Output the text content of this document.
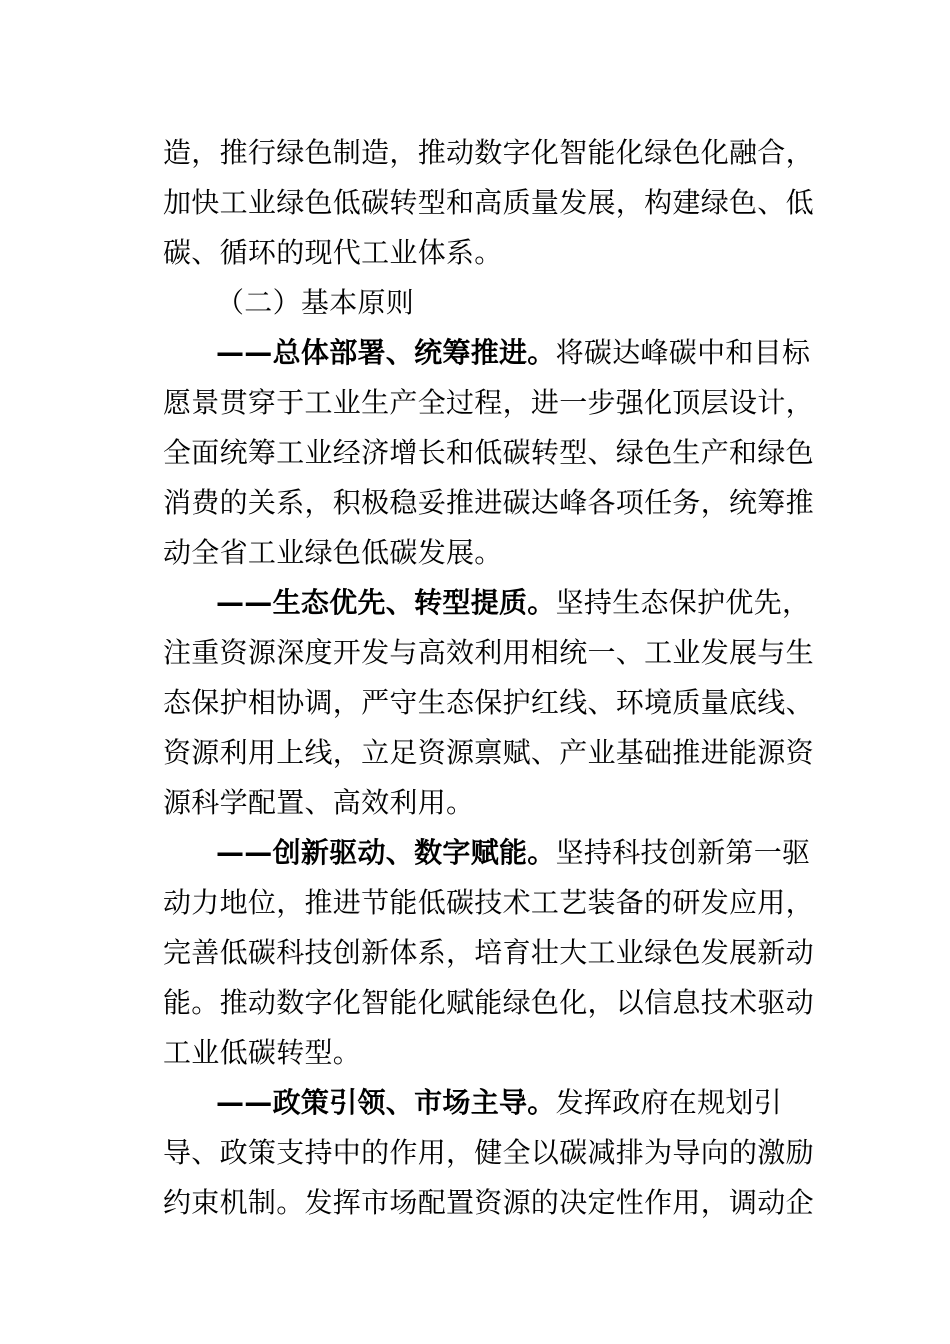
造，推行绿色制造，推动数字化智能化绿色化融合，
加快工业绿色低碳转型和高质量发展，构建绿色、低
碳、循环的现代工业体系。
（二）基本原则
——总体部署、统筹推进。将碳达峰碳中和目标
愿景贯穿于工业生产全过程，进一步强化顶层设计，
全面统筹工业经济增长和低碳转型、绿色生产和绿色
消费的关系，积极稳妥推进碳达峰各项任务，统筹推
动全省工业绿色低碳发展。
——生态优先、转型提质。坚持生态保护优先，
注重资源深度开发与高效利用相统一、工业发展与生
态保护相协调，严守生态保护红线、环境质量底线、
资源利用上线，立足资源禀赋、产业基础推进能源资
源科学配置、高效利用。
——创新驱动、数字赋能。坚持科技创新第一驱
动力地位，推进节能低碳技术工艺装备的研发应用，
完善低碳科技创新体系，培育壮大工业绿色发展新动
能。推动数字化智能化赋能绿色化，以信息技术驱动
工业低碳转型。
——政策引领、市场主导。发挥政府在规划引
导、政策支持中的作用，健全以碳减排为导向的激励
约束机制。发挥市场配置资源的决定性作用，调动企
